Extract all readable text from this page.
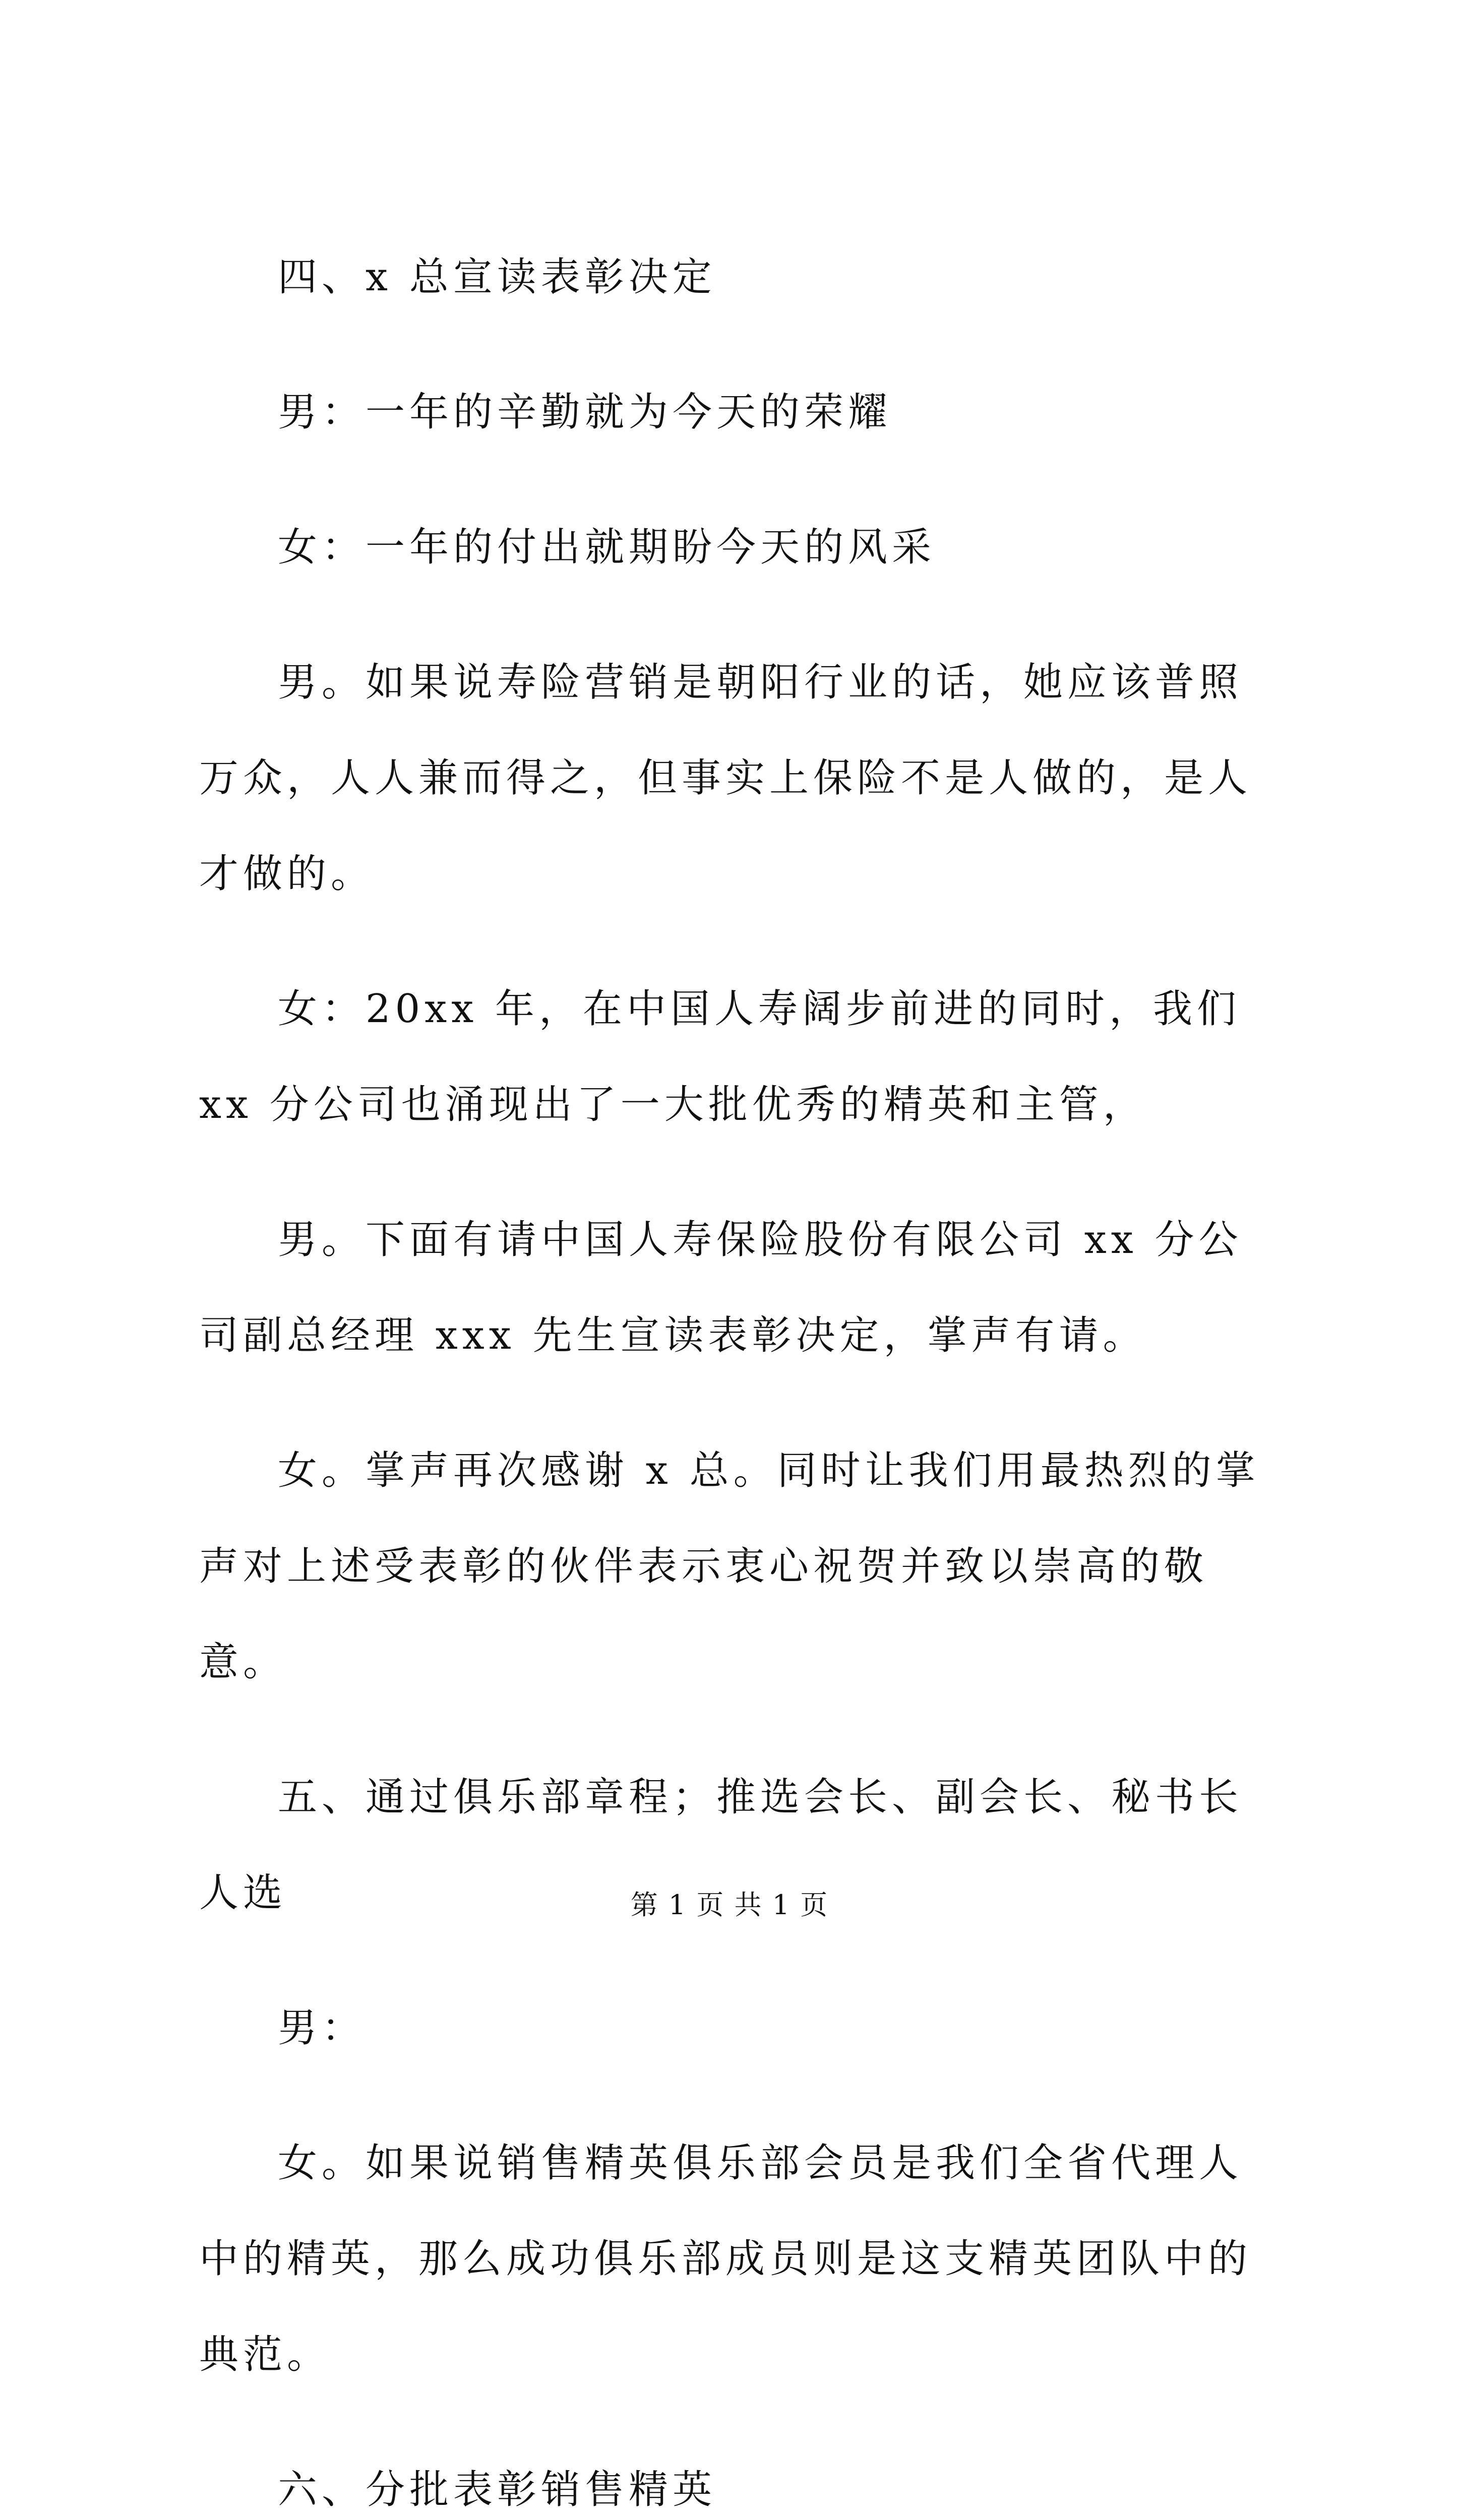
四、x 总宣读表彰决定

男：一年的辛勤就为今天的荣耀

女：一年的付出就期盼今天的风采

男。如果说寿险营销是朝阳行业的话，她应该普照万众，人人兼而得之，但事实上保险不是人做的，是人才做的。

女：20xx 年，在中国人寿阔步前进的同时，我们 xx 分公司也涌现出了一大批优秀的精英和主管，

男。下面有请中国人寿保险股份有限公司 xx 分公司副总经理 xxx 先生宣读表彰决定，掌声有请。

女。掌声再次感谢 x 总。同时让我们用最热烈的掌声对上述受表彰的伙伴表示衷心祝贺并致以崇高的敬意。

五、通过俱乐部章程；推选会长、副会长、秘书长人选

男：

女。如果说销售精英俱乐部会员是我们全省代理人中的精英，那么成功俱乐部成员则是这支精英团队中的典范。

六、分批表彰销售精英

第 1 页 共 1 页
